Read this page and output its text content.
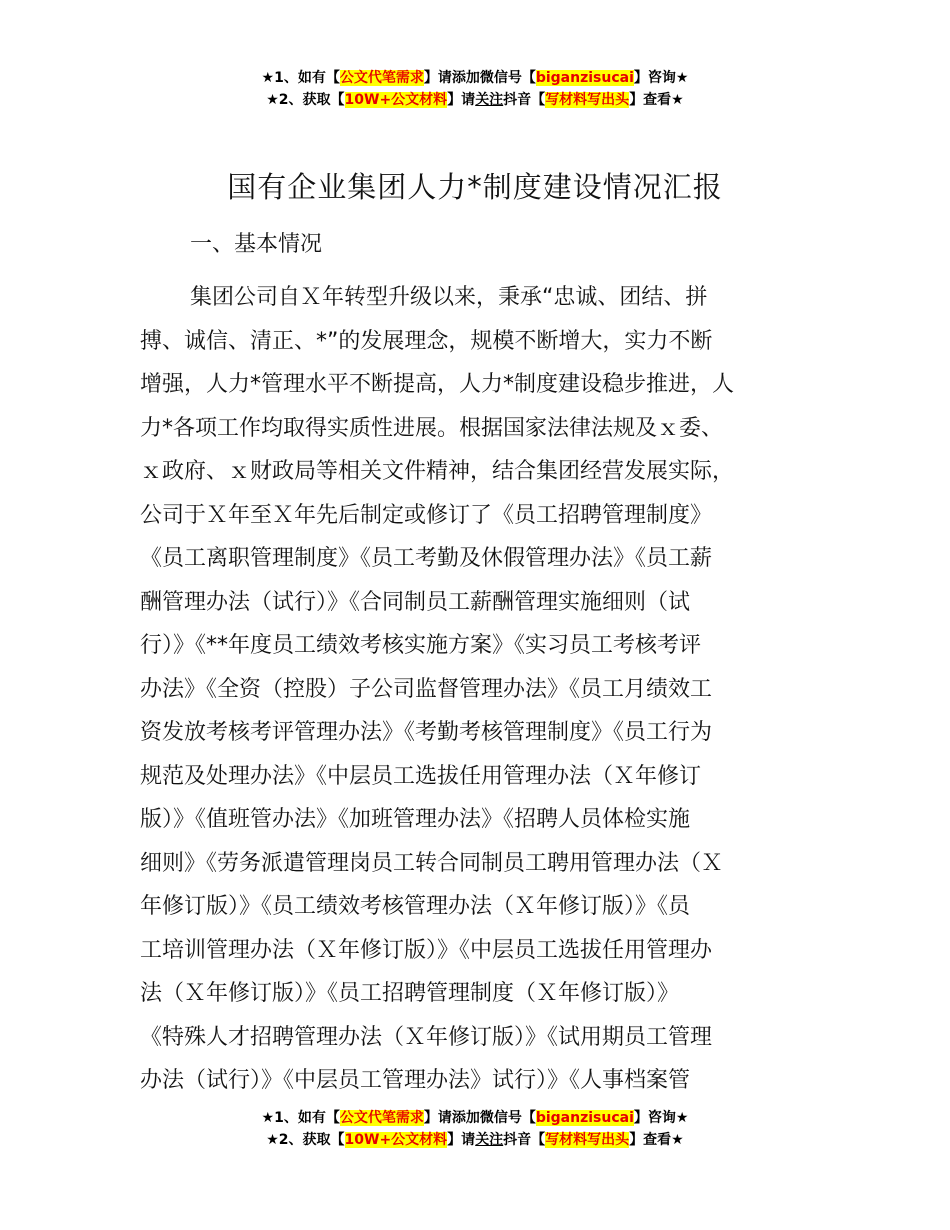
★1、如有【公文代笔需求】请添加微信号【biganzisucai】咨询★
★2、获取【10W+公文材料】请关注抖音【写材料写出头】查看★
国有企业集团人力*制度建设情况汇报
一、基本情况
集团公司自Ｘ年转型升级以来，秉承“忠诚、团结、拼
搏、诚信、清正、*”的发展理念，规模不断增大，实力不断
增强，人力*管理水平不断提高，人力*制度建设稳步推进，人
力*各项工作均取得实质性进展。根据国家法律法规及ｘ委、
ｘ政府、ｘ财政局等相关文件精神，结合集团经营发展实际，
公司于Ｘ年至Ｘ年先后制定或修订了《员工招聘管理制度》
《员工离职管理制度》《员工考勤及休假管理办法》《员工薪
酬管理办法（试行）》《合同制员工薪酬管理实施细则（试
行）》《**年度员工绩效考核实施方案》《实习员工考核考评
办法》《全资（控股）子公司监督管理办法》《员工月绩效工
资发放考核考评管理办法》《考勤考核管理制度》《员工行为
规范及处理办法》《中层员工选拔任用管理办法（Ｘ年修订
版）》《值班管办法》《加班管理办法》《招聘人员体检实施
细则》《劳务派遣管理岗员工转合同制员工聘用管理办法（Ｘ
年修订版）》《员工绩效考核管理办法（Ｘ年修订版）》《员
工培训管理办法（Ｘ年修订版）》《中层员工选拔任用管理办
法（Ｘ年修订版）》《员工招聘管理制度（Ｘ年修订版）》
《特殊人才招聘管理办法（Ｘ年修订版）》《试用期员工管理
办法（试行）》《中层员工管理办法》试行）》《人事档案管
★1、如有【公文代笔需求】请添加微信号【biganzisucai】咨询★
★2、获取【10W+公文材料】请关注抖音【写材料写出头】查看★
